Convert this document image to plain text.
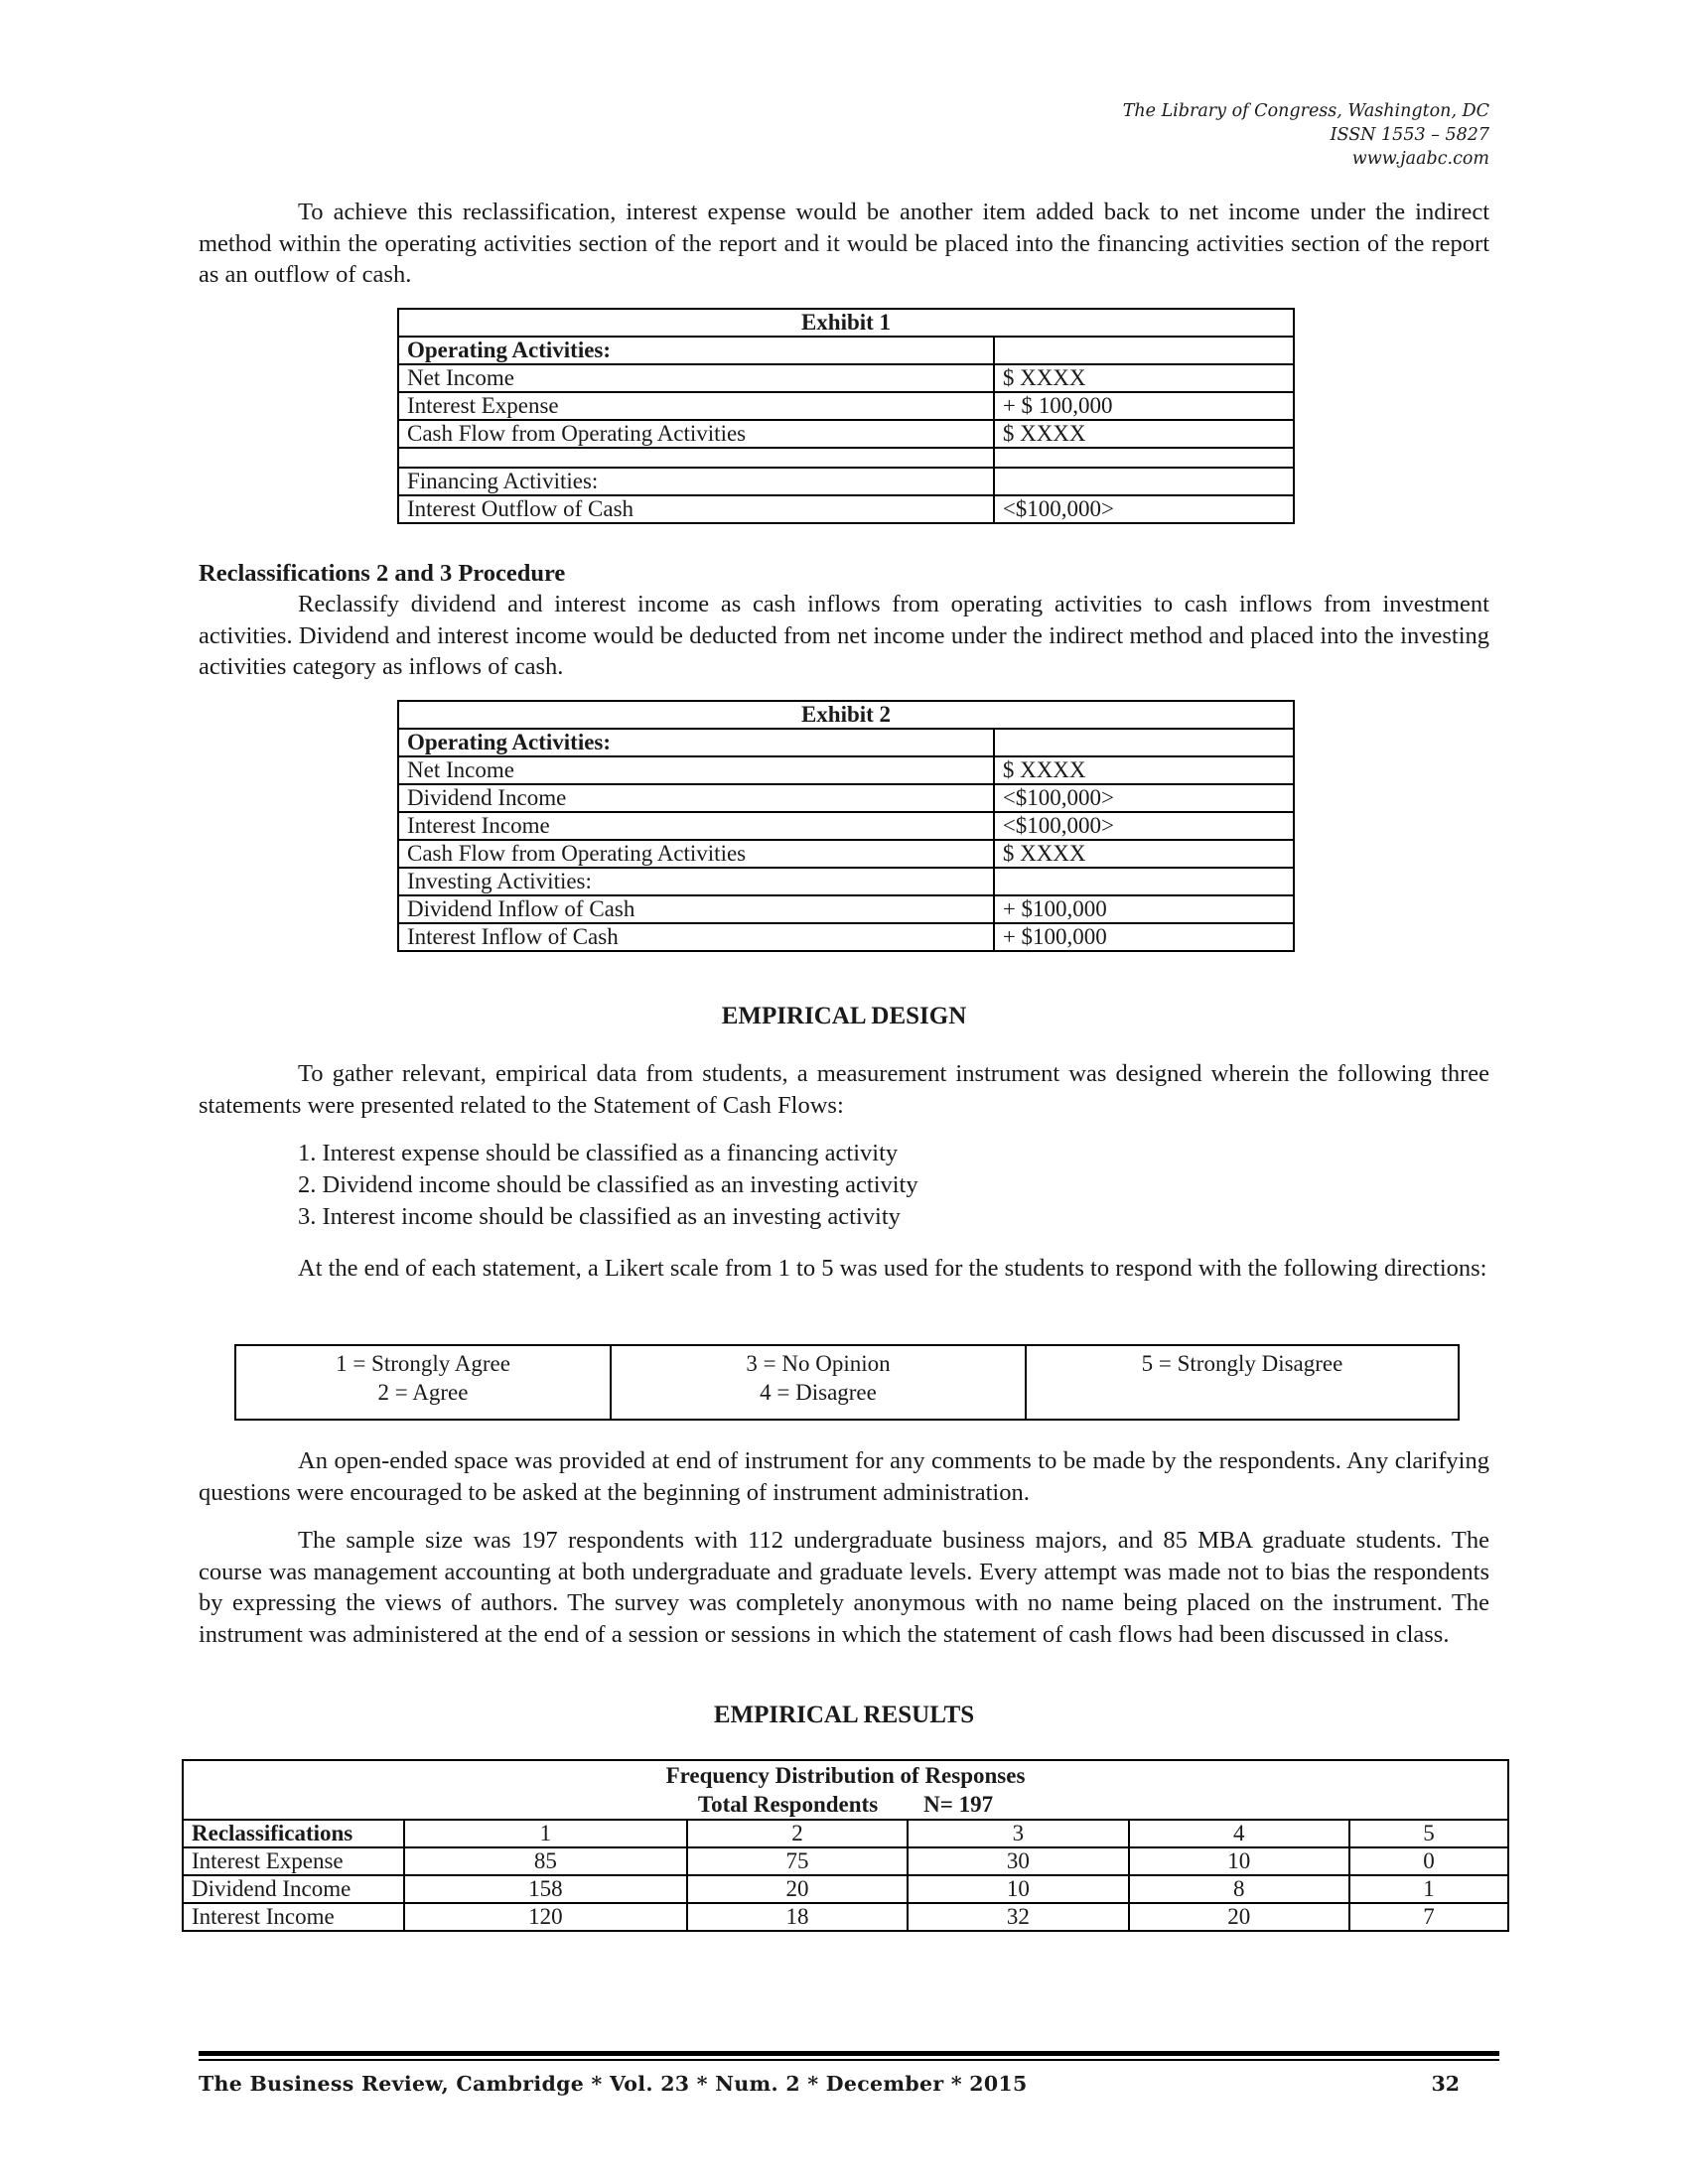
The Library of Congress, Washington, DC
ISSN 1553 – 5827
www.jaabc.com

To achieve this reclassification, interest expense would be another item added back to net income under the indirect method within the operating activities section of the report and it would be placed into the financing activities section of the report as an outflow of cash.

Exhibit 1	
Operating Activities:	
Net Income	$ XXXX
Interest Expense	+ $ 100,000
Cash Flow from Operating Activities	$ XXXX

Financing Activities:	
Interest Outflow of Cash	<$100,000>
Reclassifications 2 and 3 Procedure

Reclassify dividend and interest income as cash inflows from operating activities to cash inflows from investment activities. Dividend and interest income would be deducted from net income under the indirect method and placed into the investing activities category as inflows of cash.

Exhibit 2	
Operating Activities:	
Net Income	$ XXXX
Dividend Income	<$100,000>
Interest Income	<$100,000>
Cash Flow from Operating Activities	$ XXXX
Investing Activities:	
Dividend Inflow of Cash	+ $100,000
Interest Inflow of Cash	+ $100,000
EMPIRICAL DESIGN

To gather relevant, empirical data from students, a measurement instrument was designed wherein the following three statements were presented related to the Statement of Cash Flows:

1. Interest expense should be classified as a financing activity
2. Dividend income should be classified as an investing activity
3. Interest income should be classified as an investing activity

At the end of each statement, a Likert scale from 1 to 5 was used for the students to respond with the following directions:

1 = Strongly Agree
2 = Agree

3 = No Opinion
4 = Disagree

5 = Strongly Disagree

An open-ended space was provided at end of instrument for any comments to be made by the respondents. Any clarifying questions were encouraged to be asked at the beginning of instrument administration.

The sample size was 197 respondents with 112 undergraduate business majors, and 85 MBA graduate students. The course was management accounting at both undergraduate and graduate levels. Every attempt was made not to bias the respondents by expressing the views of authors. The survey was completely anonymous with no name being placed on the instrument. The instrument was administered at the end of a session or sessions in which the statement of cash flows had been discussed in class.

EMPIRICAL RESULTS
Frequency Distribution of Responses
Total Respondents        N= 197					

Reclassifications	1	2	3	4	5
Interest Expense	85	75	30	10	0
Dividend Income	158	20	10	8	1
Interest Income	120	18	32	20	7
The Business Review, Cambridge * Vol. 23 * Num. 2 * December * 2015	32
